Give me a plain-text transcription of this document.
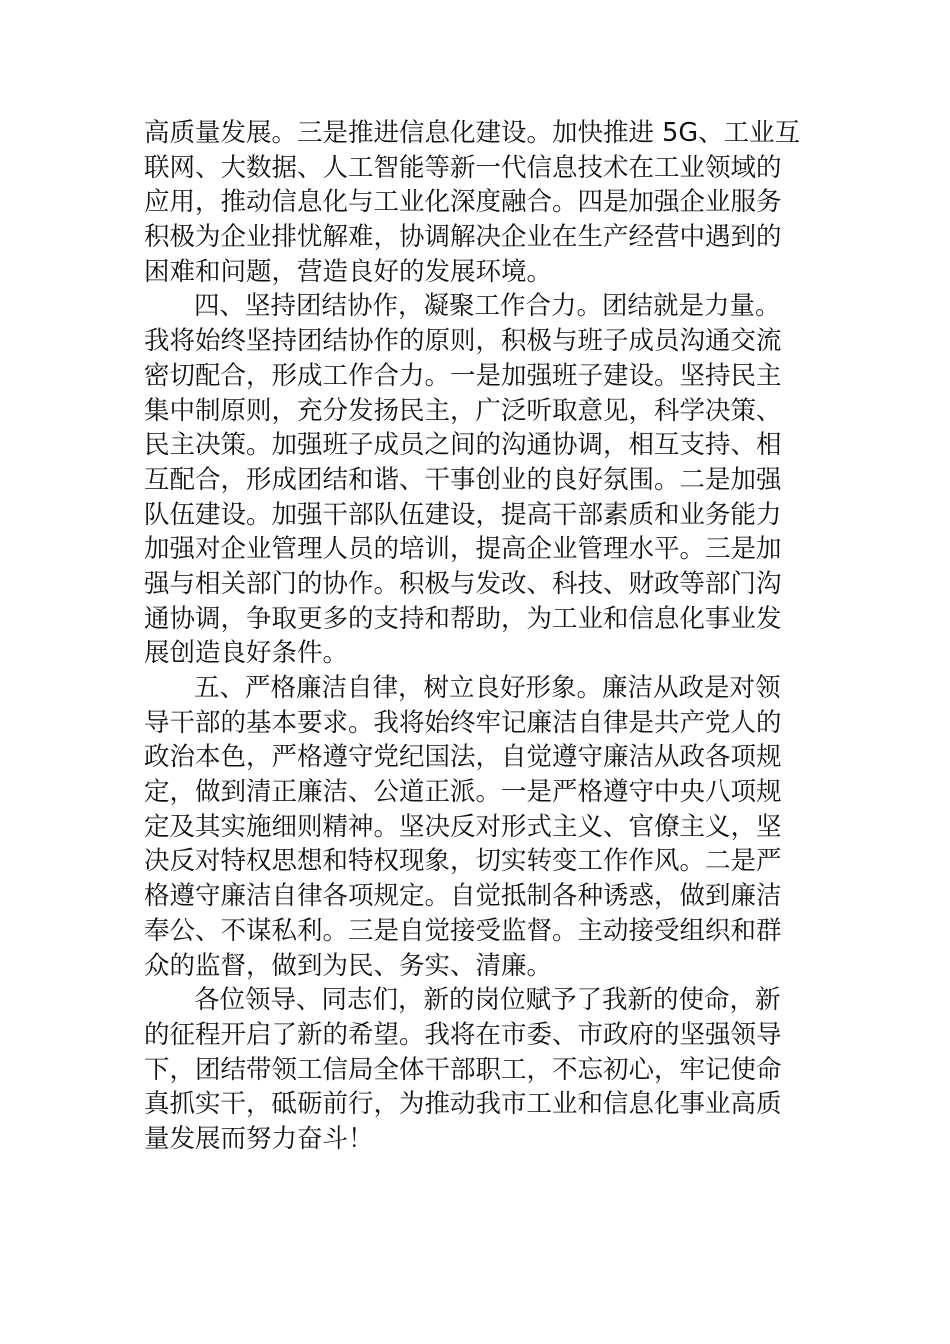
高质量发展。三是推进信息化建设。加快推进 5G、工业互
联网、大数据、人工智能等新一代信息技术在工业领域的
应用，推动信息化与工业化深度融合。四是加强企业服务
积极为企业排忧解难，协调解决企业在生产经营中遇到的
困难和问题，营造良好的发展环境。
四、坚持团结协作，凝聚工作合力。团结就是力量。
我将始终坚持团结协作的原则，积极与班子成员沟通交流
密切配合，形成工作合力。一是加强班子建设。坚持民主
集中制原则，充分发扬民主，广泛听取意见，科学决策、
民主决策。加强班子成员之间的沟通协调，相互支持、相
互配合，形成团结和谐、干事创业的良好氛围。二是加强
队伍建设。加强干部队伍建设，提高干部素质和业务能力
加强对企业管理人员的培训，提高企业管理水平。三是加
强与相关部门的协作。积极与发改、科技、财政等部门沟
通协调，争取更多的支持和帮助，为工业和信息化事业发
展创造良好条件。
五、严格廉洁自律，树立良好形象。廉洁从政是对领
导干部的基本要求。我将始终牢记廉洁自律是共产党人的
政治本色，严格遵守党纪国法，自觉遵守廉洁从政各项规
定，做到清正廉洁、公道正派。一是严格遵守中央八项规
定及其实施细则精神。坚决反对形式主义、官僚主义，坚
决反对特权思想和特权现象，切实转变工作作风。二是严
格遵守廉洁自律各项规定。自觉抵制各种诱惑，做到廉洁
奉公、不谋私利。三是自觉接受监督。主动接受组织和群
众的监督，做到为民、务实、清廉。
各位领导、同志们，新的岗位赋予了我新的使命，新
的征程开启了新的希望。我将在市委、市政府的坚强领导
下，团结带领工信局全体干部职工，不忘初心，牢记使命
真抓实干，砥砺前行，为推动我市工业和信息化事业高质
量发展而努力奋斗！
